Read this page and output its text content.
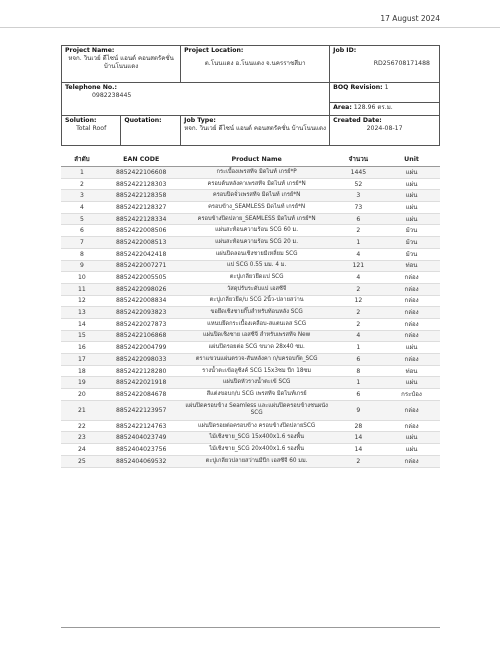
17 August 2024
Project Name:
หจก. วินเวย์ ดีไซน์ แอนด์ คอนสตรัคชั่น บ้านโนนแดง		Project Location:
ต.โนนแดง อ.โนนแดง จ.นครราชสีมา	Job ID:
RD256708171488

Telephone No.:
0982238445			BOQ Revision: 1
			Area: 128.96 ตร.ม.

Solution:
Total Roof	Quotation:	Job Type:
หจก. วินเวย์ ดีไซน์ แอนด์ คอนสตรัคชั่น บ้านโนนแดง	Created Date:
2024-08-17
ลำดับ	EAN CODE	Product Name	จำนวน	Unit
1	8852422106608	กระเบื้องเพรสทีจ มิดไนท์ เกรย์*P	1445	แผ่น
2	8852422128303	ครอบต้นหลังคาเพรสทีจ มิดไนท์ เกรย์*N	52	แผ่น
3	8852422128358	ครอบปิดจั่วเพรสทีจ มิดไนท์ เกรย์*N	3	แผ่น
4	8852422128327	ครอบข้าง_SEAMLESS มิดไนท์ เกรย์*N	73	แผ่น
5	8852422128334	ครอบข้างปิดปลาย_SEAMLESS มิดไนท์ เกรย์*N	6	แผ่น
6	8852422008506	แผ่นสะท้อนความร้อน SCG 60 ม.	2	ม้วน
7	8852422008513	แผ่นสะท้อนความร้อน SCG 20 ม.	1	ม้วน
8	8852422042418	แผ่นปิดลอนเชิงชายมีเหลี่ยม SCG	4	ม้วน
9	8852422007271	แป SCG 0.55 มม. 4 ม.	121	ท่อน
10	8852422005505	ตะปูเกลียวยึดแป SCG	4	กล่อง
11	8852422098026	วัสดุปรับระดับแป เอสซีจี	2	กล่อง
12	8852422008834	ตะปูเกลียวยึด/บ SCG 2นิ้ว-ปลายสว่าน	12	กล่อง
13	8852422093823	ขอยึดเชิงชายกิ๊บสำหรับท้อนหลัง SCG	2	กล่อง
14	8852422027873	แหนบยึดกระเบื้องเคลือบ-สแตนเลส SCG	2	กล่อง
15	8852422106868	แผ่นปิดเชิงชาย เอสซีจี สำหรับเพรสทีจ New	4	กล่อง
16	8852422004799	แผ่นปิดรอยต่อ SCG ขนาด 28x40 ซม.	1	แผ่น
17	8852422098033	ตราแขวนแผ่นตรวจ-สันหลังคา ก/บครอบก๊ต_SCG	6	กล่อง
18	8852422128280	รางน้ำตะเข้อลูซิงค์ SCG 15x3ซม ปีก 18ซม	8	ท่อน
19	8852422021918	แผ่นปิดหัวรางน้ำตะเข้ SCG	1	แผ่น
20	8852422084678	สีแต่งขอบก/บ SCG เพรสทีจ มิดไนท์เกรย์	6	กระป๋อง
21	8852422123957	แผ่นปิดครอบข้าง Seamless และแผ่นปิดครอบข้างชนผนัง SCG	9	กล่อง
22	8852422124763	แผ่นปิดรอยต่อครอบข้าง ครอบข้างปิดปลายSCG	28	กล่อง
23	8852404023749	ไม้เชิงชาย_SCG 15x400x1.6 รองพื้น	14	แผ่น
24	8852404023756	ไม้เชิงชาย_SCG 20x400x1.6 รองพื้น	14	แผ่น
25	8852404069532	ตะปูเกลียวปลายสว่านมีปีก เอสซีจี 60 มม.	2	กล่อง
